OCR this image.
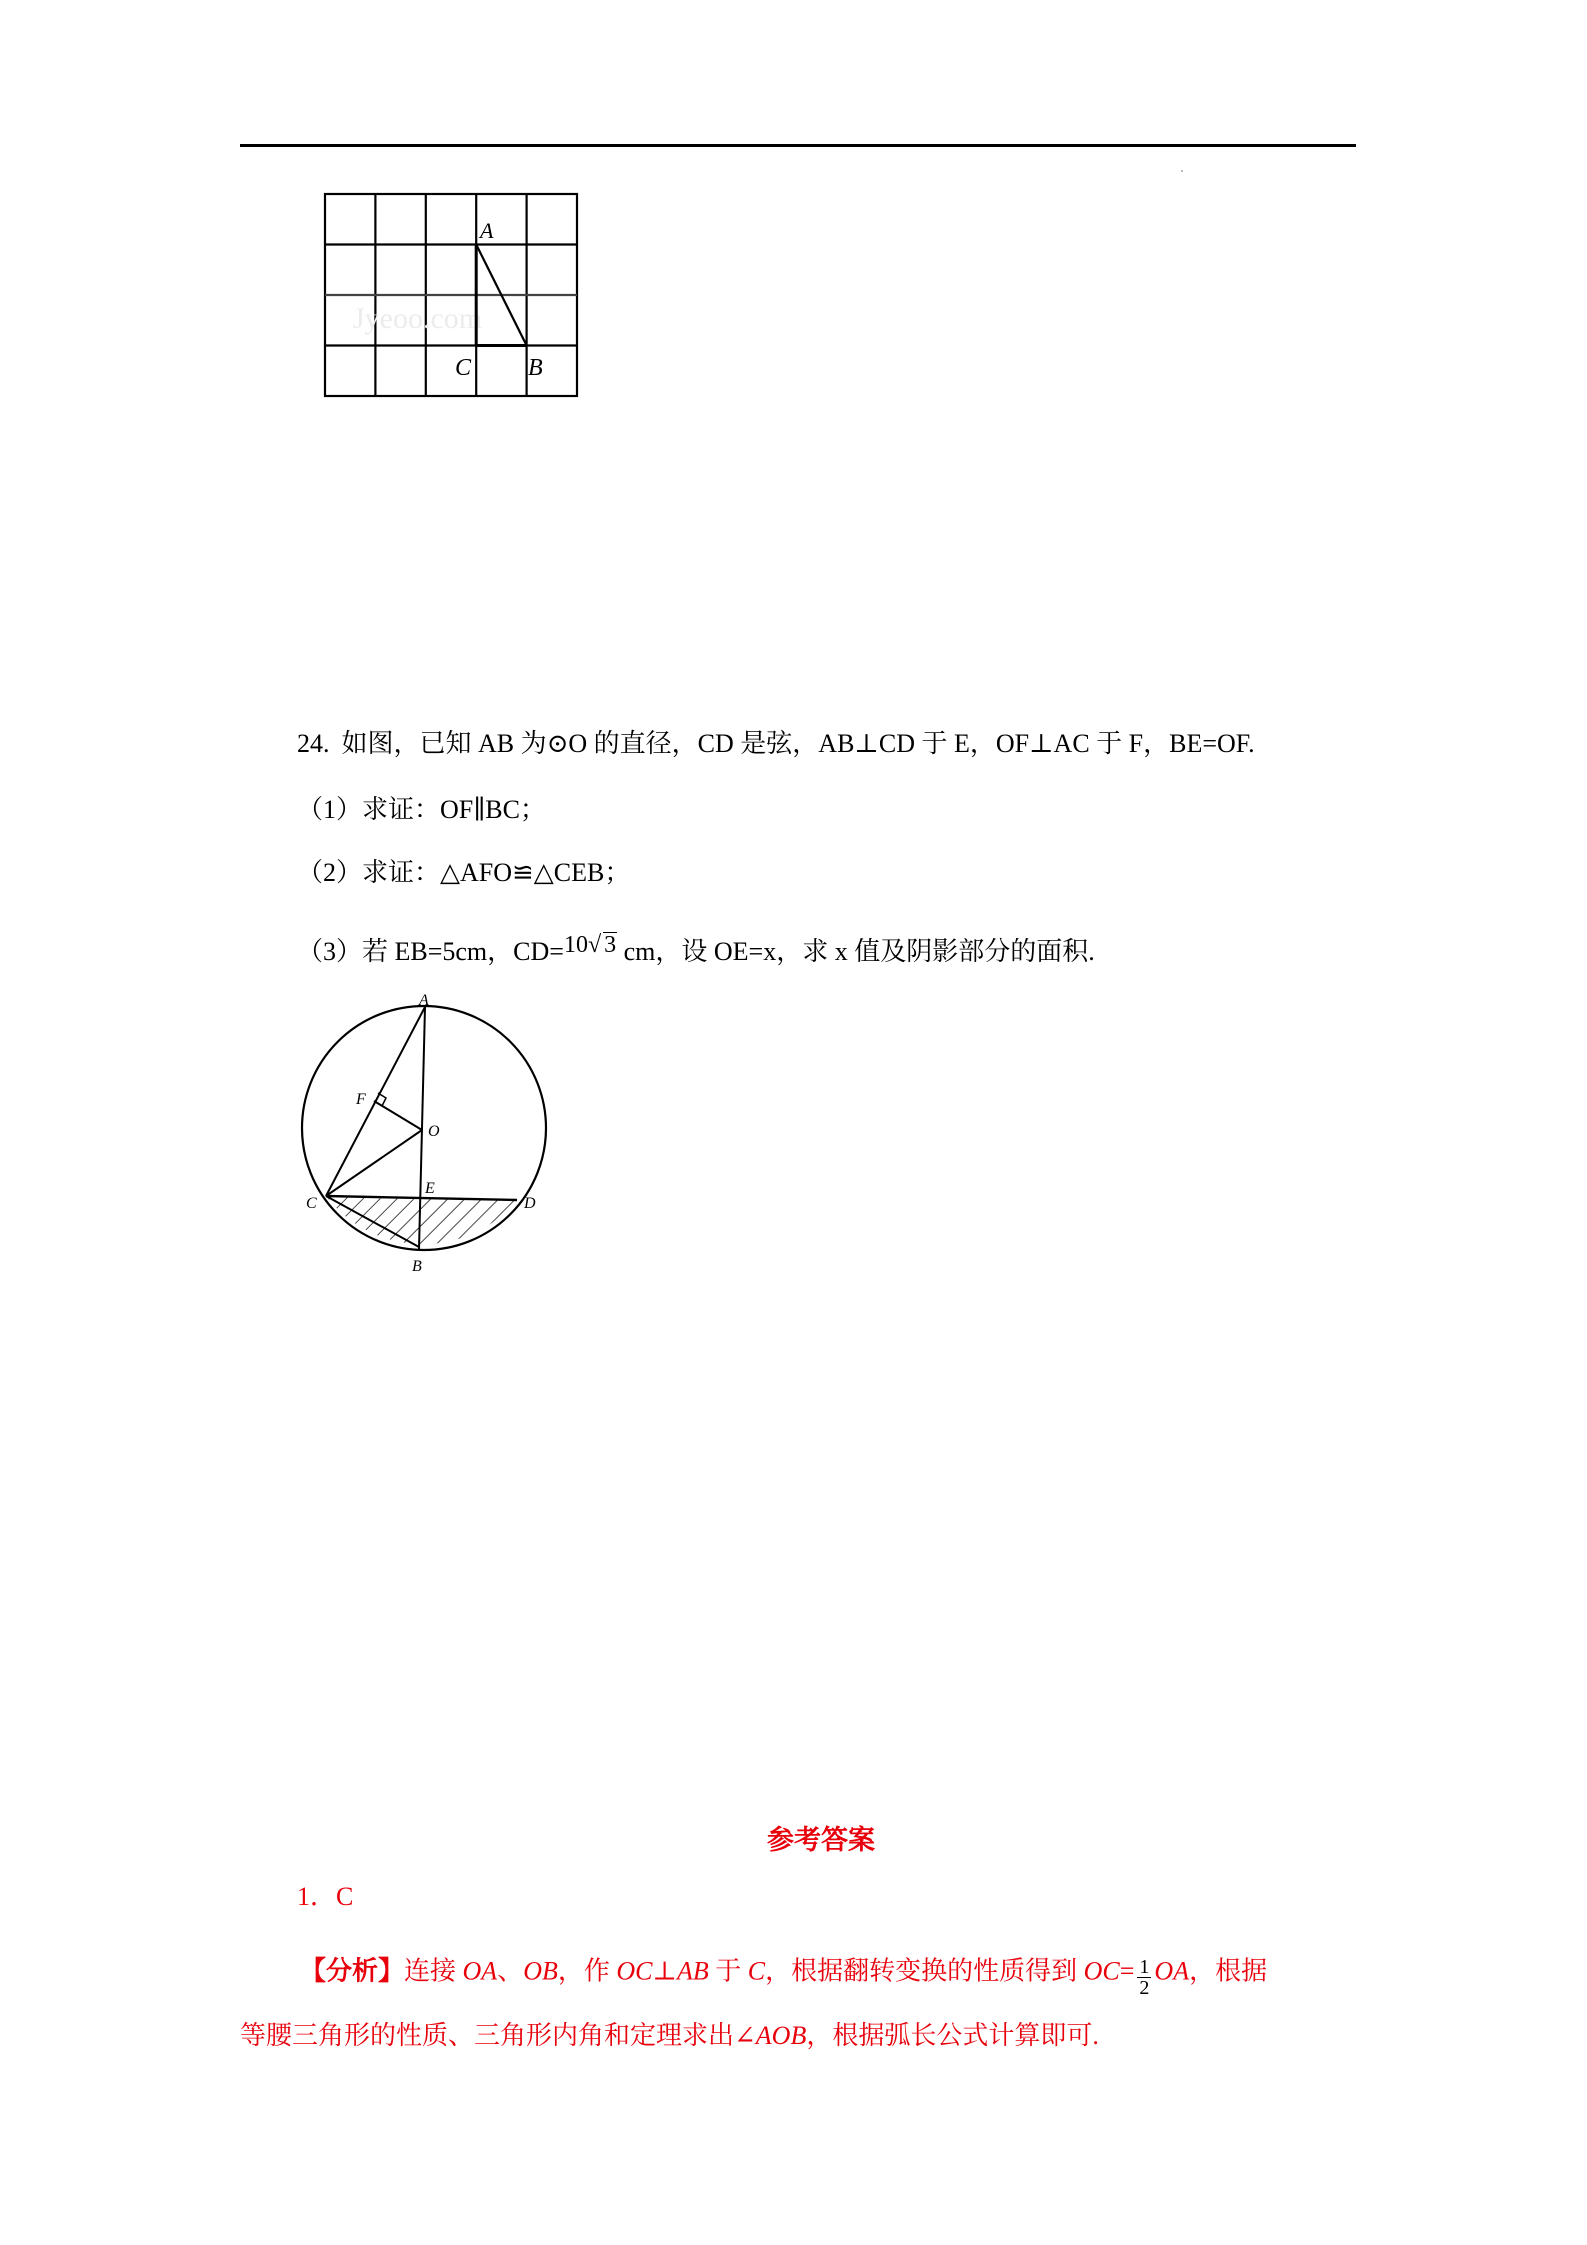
Jyeoo.com
A
C B
24. 如图，已知 AB 为⊙O 的直径，CD 是弦，AB⊥CD 于 E，OF⊥AC 于 F，BE=OF.
（1）求证：OF∥BC；
（2）求证：△AFO≌△CEB；
（3）若 EB=5cm，CD=10√ 3 cm，设 OE=x，求 x 值及阴影部分的面积.
A
F
O
E
C	D
B
参考答案
1．C
【分析】连接 OA、OB，作 OC⊥AB 于 C，根据翻转变换的性质得到 $OC= \frac{1}{2}$ OA，根据
等腰三角形的性质、三角形内角和定理求出∠AOB，根据弧长公式计算即可.
